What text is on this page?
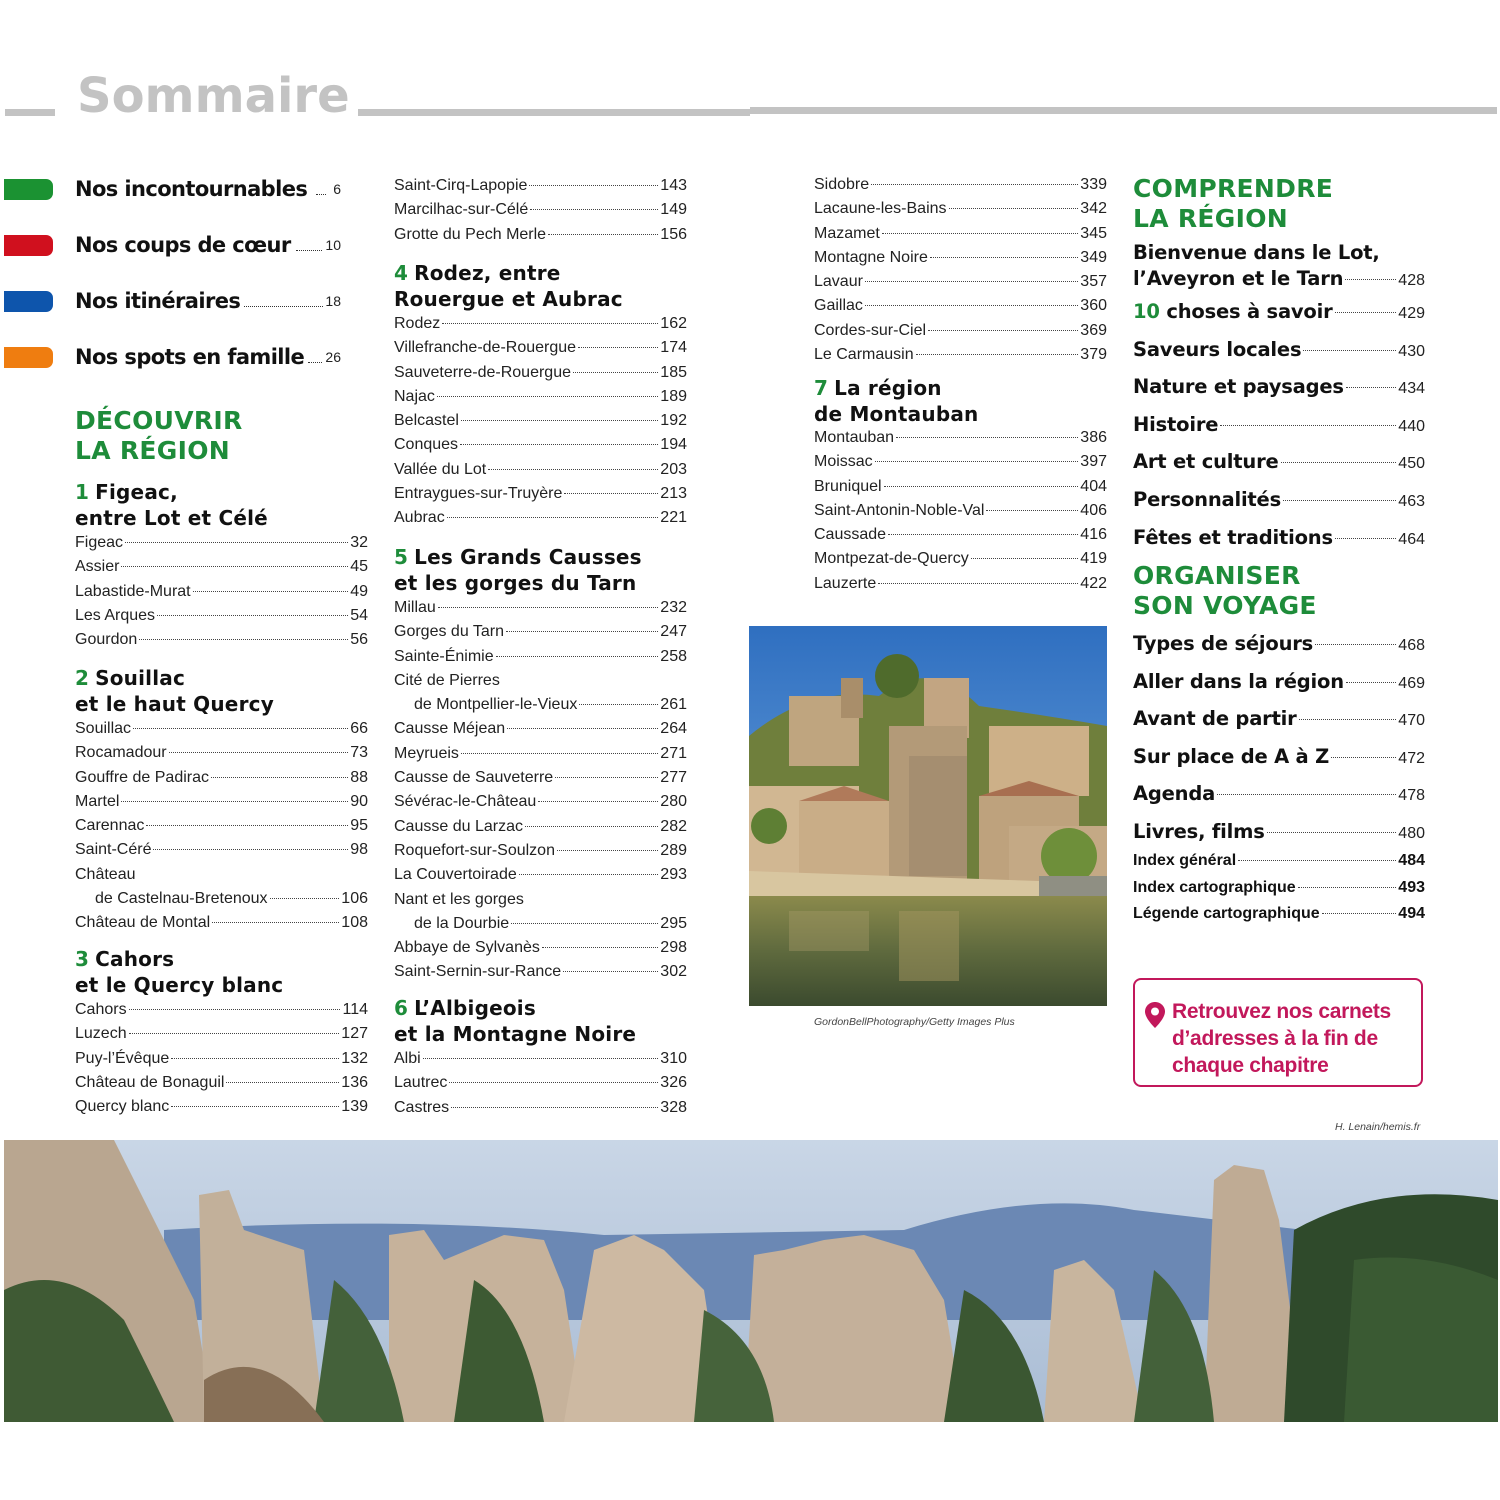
Sommaire
Nos incontournables 6
Nos coups de cœur 10
Nos itinéraires	18
Nos spots en famille 26
DÉCOUVRIR
LA RÉGION
1 Figeac,
entre Lot et Célé
Figeac	32
Assier	45
Labastide-Murat	49
Les Arques	54
Gourdon	56
2 Souillac
et le haut Quercy
Souillac	66
Rocamadour	73
Gouffre de Padirac	88
Martel	90
Carennac	95
Saint-Céré	98
Château
de Castelnau-Bretenoux	106
Château de Montal	108
3 Cahors
et le Quercy blanc
Cahors	114
Luzech	127
Puy-l’Évêque	132
Château de Bonaguil	136
Quercy blanc	139
Saint-Cirq-Lapopie	143
Marcilhac-sur-Célé	149
Grotte du Pech Merle	156
4 Rodez, entre
Rouergue et Aubrac
Rodez	162
Villefranche-de-Rouergue	174
Sauveterre-de-Rouergue	185
Najac	189
Belcastel	192
Conques	194
Vallée du Lot	203
Entraygues-sur-Truyère	213
Aubrac	221
5 Les Grands Causses
et les gorges du Tarn
Millau	232
Gorges du Tarn	247
Sainte-Énimie	258
Cité de Pierres
de Montpellier-le-Vieux	261
Causse Méjean	264
Meyrueis	271
Causse de Sauveterre	277
Sévérac-le-Château	280
Causse du Larzac	282
Roquefort-sur-Soulzon	289
La Couvertoirade	293
Nant et les gorges
de la Dourbie	295
Abbaye de Sylvanès	298
Saint-Sernin-sur-Rance	302
6 L’Albigeois
et la Montagne Noire
Albi	310
Lautrec	326
Castres	328
Sidobre	339
Lacaune-les-Bains	342
Mazamet	345
Montagne Noire	349
Lavaur	357
Gaillac	360
Cordes-sur-Ciel	369
Le Carmausin	379
7 La région
de Montauban
Montauban	386
Moissac	397
Bruniquel	404
Saint-Antonin-Noble-Val	406
Caussade	416
Montpezat-de-Quercy	419
Lauzerte	422
GordonBellPhotography/Getty Images Plus
COMPRENDRE
LA RÉGION
Bienvenue dans le Lot,
l’Aveyron et le Tarn	428
10 choses à savoir	429
Saveurs locales	430
Nature et paysages	434
Histoire	440
Art et culture	450
Personnalités	463
Fêtes et traditions	464
ORGANISER
SON VOYAGE
Types de séjours	468
Aller dans la région	469
Avant de partir	470
Sur place de A à Z	472
Agenda	478
Livres, films	480
Index général	484
Index cartographique	493
Légende cartographique	494
Retrouvez nos carnets
d’adresses à la fin de
chaque chapitre
H. Lenain/hemis.fr
